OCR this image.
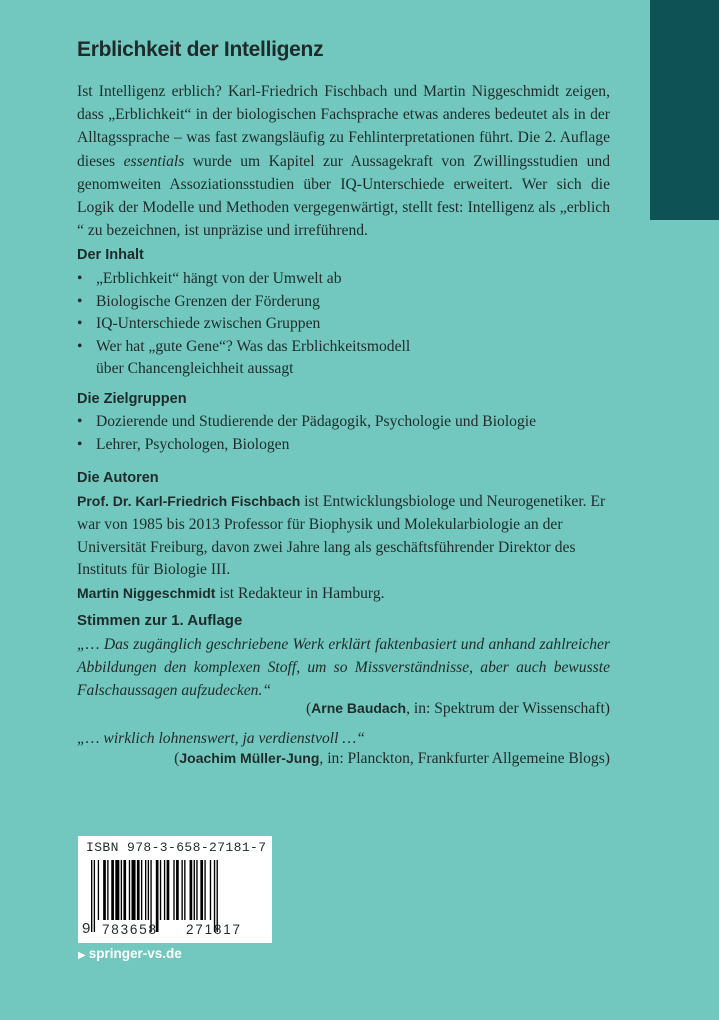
Erblichkeit der Intelligenz

Ist Intelligenz erblich? Karl-Friedrich Fischbach und Martin Niggeschmidt zeigen, dass „Erblichkeit“ in der biologischen Fachsprache etwas anderes bedeutet als in der Alltagssprache – was fast zwangsläufig zu Fehlinterpretationen führt. Die 2. Auflage dieses essentials wurde um Kapitel zur Aussagekraft von Zwillingsstudien und genomweiten Assoziationsstudien über IQ-Unterschiede erweitert. Wer sich die Logik der Modelle und Methoden vergegenwärtigt, stellt fest: Intelligenz als „erblich “ zu bezeichnen, ist unpräzise und irreführend.

Der Inhalt
• „Erblichkeit“ hängt von der Umwelt ab
• Biologische Grenzen der Förderung
• IQ-Unterschiede zwischen Gruppen
• Wer hat „gute Gene“? Was das Erblichkeitsmodell
über Chancengleichheit aussagt
Die Zielgruppen
• Dozierende und Studierende der Pädagogik, Psychologie und Biologie
• Lehrer, Psychologen, Biologen
Die Autoren

Prof. Dr. Karl-Friedrich Fischbach ist Entwicklungsbiologe und Neurogenetiker. Er war von 1985 bis 2013 Professor für Biophysik und Molekularbiologie an der Universität Freiburg, davon zwei Jahre lang als geschäftsführender Direktor des Instituts für Biologie III.

Martin Niggeschmidt ist Redakteur in Hamburg.

Stimmen zur 1. Auflage
„… Das zugänglich geschriebene Werk erklärt faktenbasiert und anhand zahlreicher Abbildungen den komplexen Stoff, um so Missverständnisse, aber auch bewusste Falschaussagen aufzudecken.“
(Arne Baudach, in: Spektrum der Wissenschaft)
„… wirklich lohnenswert, ja verdienstvoll …“
(Joachim Müller-Jung, in: Planckton, Frankfurter Allgemeine Blogs)
ISBN 978-3-658-27181-7
9 783658 271817
▶ springer-vs.de
